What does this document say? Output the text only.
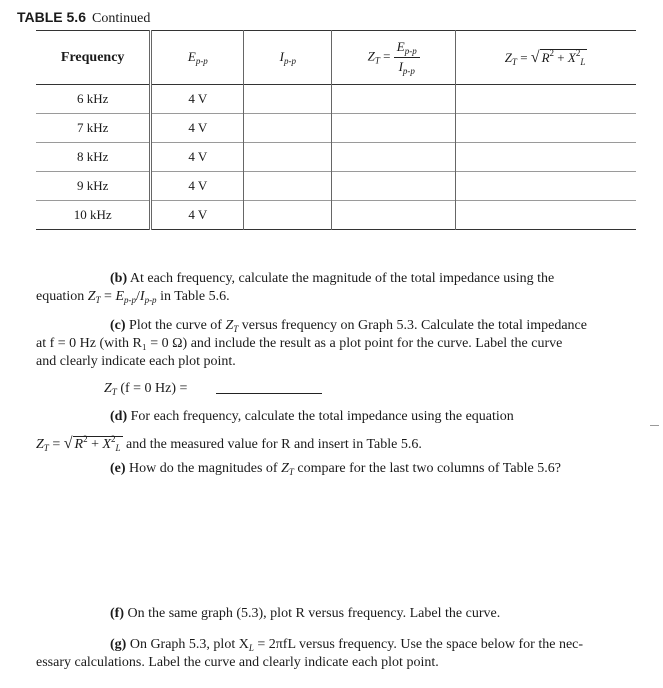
TABLE 5.6 Continued
Frequency	$E_{p-p}$	$I_{p-p}$	$Z_T = \frac{E_{p-p}}{I_{p-p}}$	$Z_T$ = √ $R^2 + X^2_L$
6 kHz	4 V			
7 kHz	4 V			
8 kHz	4 V			
9 kHz	4 V			
10 kHz	4 V			
(b) At each frequency, calculate the magnitude of the total impedance using the
equation $Z_T = E_{p-p}/I_{p-p}$ in Table 5.6.
(c) Plot the curve of $Z_T$ versus frequency on Graph 5.3. Calculate the total impedance
at f = 0 Hz (with R₁ = 0 Ω) and include the result as a plot point for the curve. Label the curve
and clearly indicate each plot point.
$Z_T$ (f = 0 Hz) =
(d) For each frequency, calculate the total impedance using the equation
$Z_T$ = √ $R^2 + X^2_L$ and the measured value for R and insert in Table 5.6.
(e) How do the magnitudes of $Z_T$ compare for the last two columns of Table 5.6?
(f) On the same graph (5.3), plot R versus frequency. Label the curve.
(g) On Graph 5.3, plot $X_L = 2\pi fL$ versus frequency. Use the space below for the nec-
essary calculations. Label the curve and clearly indicate each plot point.
